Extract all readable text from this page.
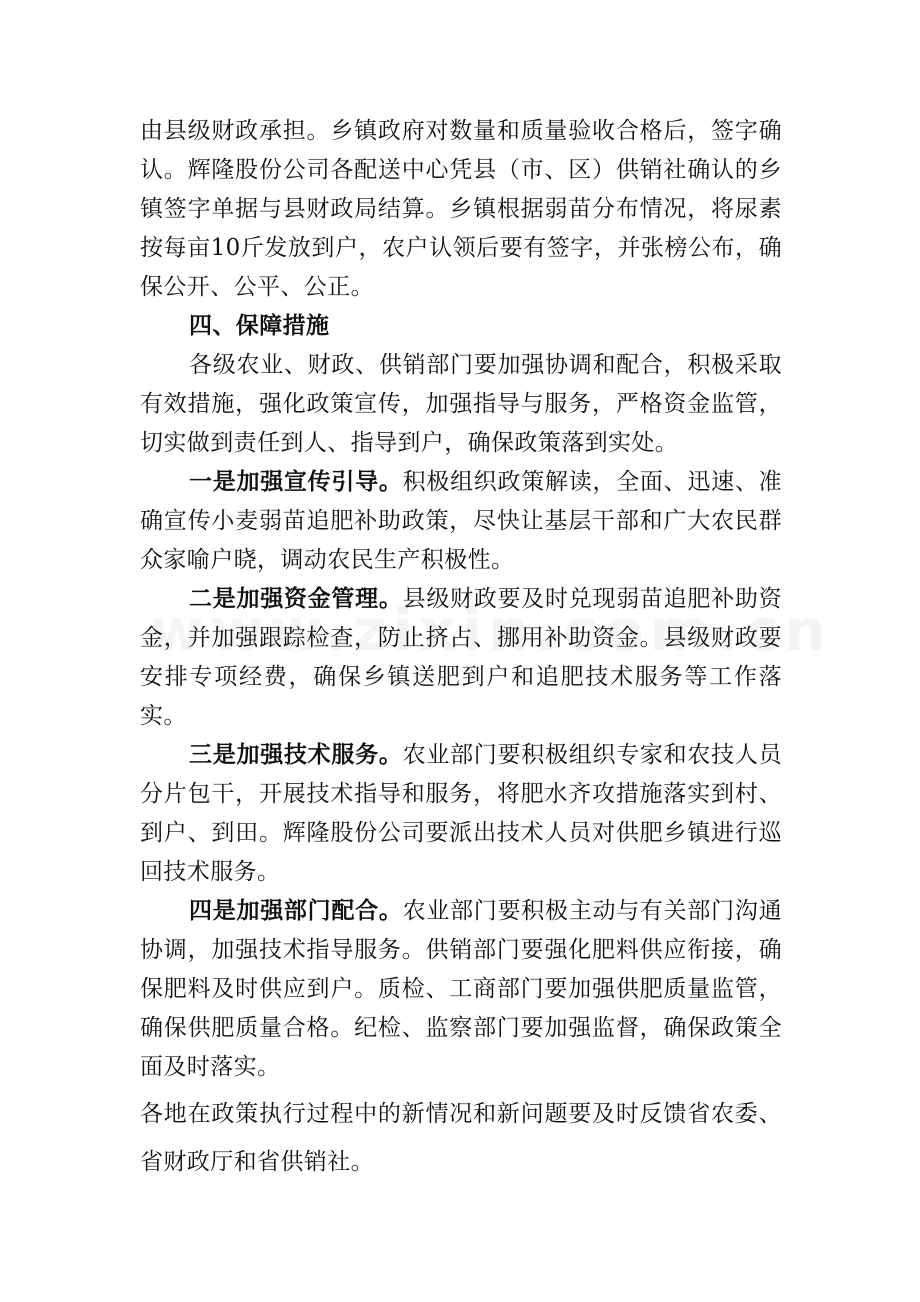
由县级财政承担。乡镇政府对数量和质量验收合格后，签字确认。辉隆股份公司各配送中心凭县（市、区）供销社确认的乡镇签字单据与县财政局结算。乡镇根据弱苗分布情况，将尿素按每亩10斤发放到户，农户认领后要有签字，并张榜公布，确保公开、公平、公正。

四、保障措施

各级农业、财政、供销部门要加强协调和配合，积极采取有效措施，强化政策宣传，加强指导与服务，严格资金监管，切实做到责任到人、指导到户，确保政策落到实处。

一是加强宣传引导。积极组织政策解读，全面、迅速、准确宣传小麦弱苗追肥补助政策，尽快让基层干部和广大农民群众家喻户晓，调动农民生产积极性。

二是加强资金管理。县级财政要及时兑现弱苗追肥补助资金，并加强跟踪检查，防止挤占、挪用补助资金。县级财政要安排专项经费，确保乡镇送肥到户和追肥技术服务等工作落实。

三是加强技术服务。农业部门要积极组织专家和农技人员分片包干，开展技术指导和服务，将肥水齐攻措施落实到村、到户、到田。辉隆股份公司要派出技术人员对供肥乡镇进行巡回技术服务。

四是加强部门配合。农业部门要积极主动与有关部门沟通协调，加强技术指导服务。供销部门要强化肥料供应衔接，确保肥料及时供应到户。质检、工商部门要加强供肥质量监管，确保供肥质量合格。纪检、监察部门要加强监督，确保政策全面及时落实。

各地在政策执行过程中的新情况和新问题要及时反馈省农委、省财政厅和省供销社。
